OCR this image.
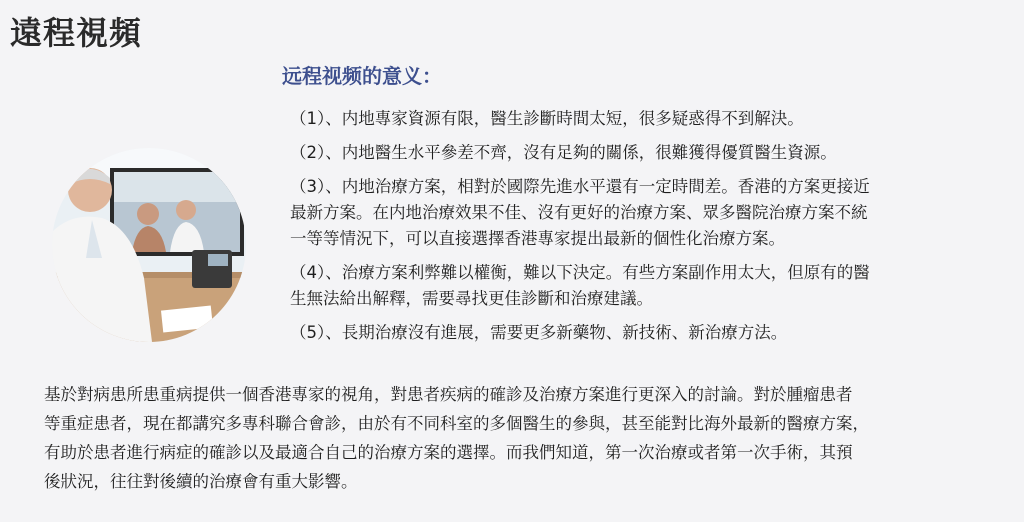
遠程視頻
远程视频的意义：
（1）、内地專家資源有限，醫生診斷時間太短，很多疑惑得不到解決。
（2）、内地醫生水平參差不齊，沒有足夠的關係，很難獲得優質醫生資源。
（3）、内地治療方案，相對於國際先進水平還有一定時間差。香港的方案更接近
最新方案。在内地治療效果不佳、沒有更好的治療方案、眾多醫院治療方案不統
一等等情況下，可以直接選擇香港專家提出最新的個性化治療方案。
（4）、治療方案利弊難以權衡，難以下決定。有些方案副作用太大，但原有的醫
生無法給出解釋，需要尋找更佳診斷和治療建議。
（5）、長期治療沒有進展，需要更多新藥物、新技術、新治療方法。
基於對病患所患重病提供一個香港專家的視角，對患者疾病的確診及治療方案進行更深入的討論。對於腫瘤患者
等重症患者，現在都講究多專科聯合會診，由於有不同科室的多個醫生的參與，甚至能對比海外最新的醫療方案，
有助於患者進行病症的確診以及最適合自己的治療方案的選擇。而我們知道，第一次治療或者第一次手術，其預
後狀況，往往對後續的治療會有重大影響。
